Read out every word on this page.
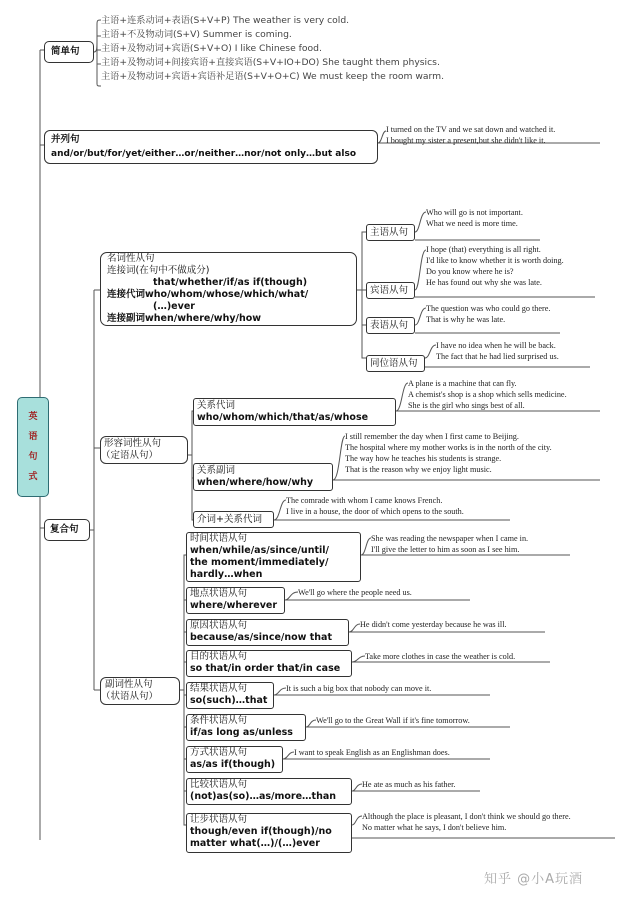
英
语
句
式
简单句
主语+连系动词+表语(S+V+P) The weather is very cold.
主语+不及物动词(S+V) Summer is coming.
主语+及物动词+宾语(S+V+O) I like Chinese food.
主语+及物动词+间接宾语+直接宾语(S+V+IO+DO) She taught them physics.
主语+及物动词+宾语+宾语补足语(S+V+O+C) We must keep the room warm.
并列句
and/or/but/for/yet/either…or/neither…nor/not only…but also
I turned on the TV and we sat down and watched it.
I bought my sister a present,but she didn't like it.
复合句
名词性从句
连接词(在句中不做成分)
that/whether/if/as if(though)
连接代词who/whom/whose/which/what/
(…)ever
连接副词when/where/why/how
主语从句
Who will go is not important.
What we need is more time.
宾语从句
I hope (that) everything is all right.
I'd like to know whether it is worth doing.
Do you know where he is?
He has found out why she was late.
表语从句
The question was who could go there.
That is why he was late.
同位语从句
I have no idea when he will be back.
The fact that he had lied surprised us.
形容词性从句
（定语从句）
关系代词
who/whom/which/that/as/whose
A plane is a machine that can fly.
A chemist's shop is a shop which sells medicine.
She is the girl who sings best of all.
关系副词
when/where/how/why
I still remember the day when I first came to Beijing.
The hospital where my mother works is in the north of the city.
The way how he teaches his students is strange.
That is the reason why we enjoy light music.
介词+关系代词
The comrade with whom I came knows French.
I live in a house, the door of which opens to the south.
副词性从句
（状语从句）
时间状语从句
when/while/as/since/until/
the moment/immediately/
hardly…when
She was reading the newspaper when I came in.
I'll give the letter to him as soon as I see him.
地点状语从句
where/wherever
We'll go where the people need us.
原因状语从句
because/as/since/now that
He didn't come yesterday because he was ill.
目的状语从句
so that/in order that/in case
Take more clothes in case the weather is cold.
结果状语从句
so(such)…that
It is such a big box that nobody can move it.
条件状语从句
if/as long as/unless
We'll go to the Great Wall if it's fine tomorrow.
方式状语从句
as/as if(though)
I want to speak English as an Englishman does.
比较状语从句
(not)as(so)…as/more…than
He ate as much as his father.
让步状语从句
though/even if(though)/no
matter what(…)/(…)ever
Although the place is pleasant, I don't think we should go there.
No matter what he says, I don't believe him.
知乎 @小A玩酒
